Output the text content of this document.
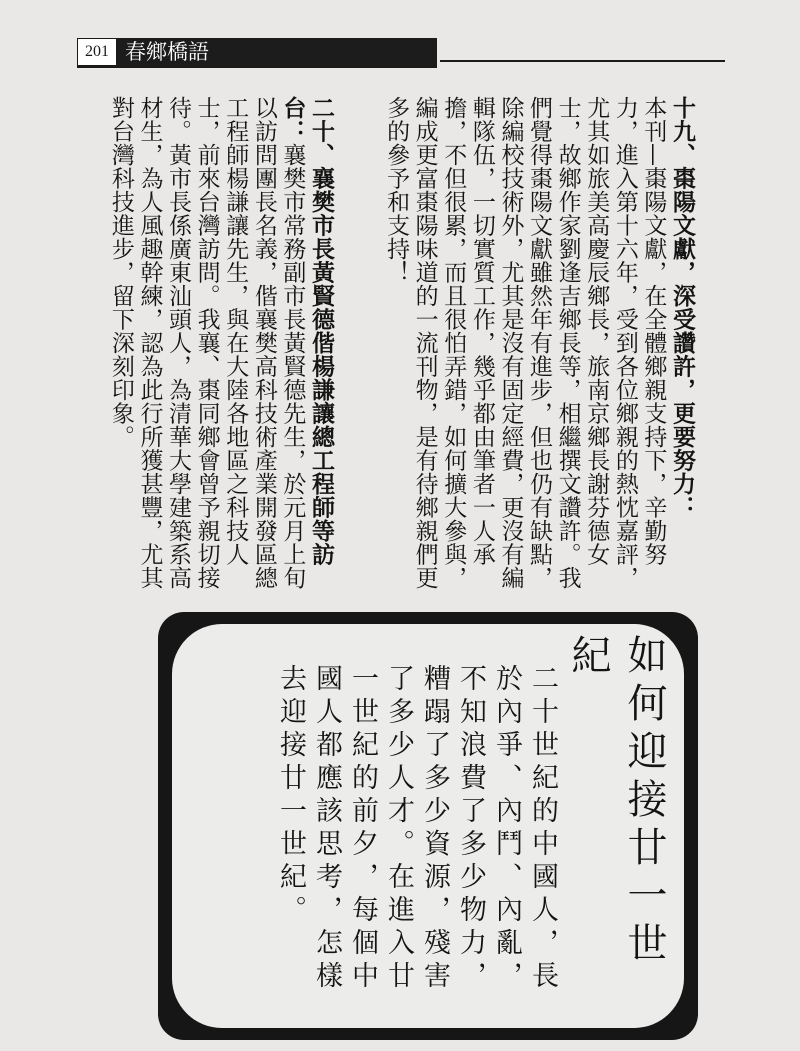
201 春鄉橋語

十九、棗陽文獻，深受讚許，更要努力：
本刊—棗陽文獻，在全體鄉親支持下，辛勤努力，進入第十六年，受到各位鄉親的熱忱嘉評，尤其如旅美高慶辰鄉長，旅南京鄉長謝芬德女士，故鄉作家劉逢吉鄉長等，相繼撰文讚許。我們覺得棗陽文獻雖然年有進步，但也仍有缺點，除編校技術外，尤其是沒有固定經費，更沒有編輯隊伍，一切實質工作，幾乎都由筆者一人承擔，不但很累，而且很怕弄錯，如何擴大參與，編成更富棗陽味道的一流刊物，是有待鄉親們更多的參予和支持！

二十、襄樊市長黃賢德偕楊謙讓總工程師等訪台：襄樊市常務副市長黃賢德先生，於元月上旬以訪問團長名義，偕襄樊高科技術產業開發區總工程師楊謙讓先生，與在大陸各地區之科技人士，前來台灣訪問。我襄、棗同鄉會曾予親切接待。黃市長係廣東汕頭人，為清華大學建築系高材生，為人風趣幹練，認為此行所獲甚豐，尤其對台灣科技進步，留下深刻印象。

如何迎接廿一世紀
二十世紀的中國人，長於內爭、內鬥、內亂，不知浪費了多少物力，糟蹋了多少資源，殘害了多少人才。在進入廿一世紀的前夕，每個中國人都應該思考，怎樣去迎接廿一世紀。
